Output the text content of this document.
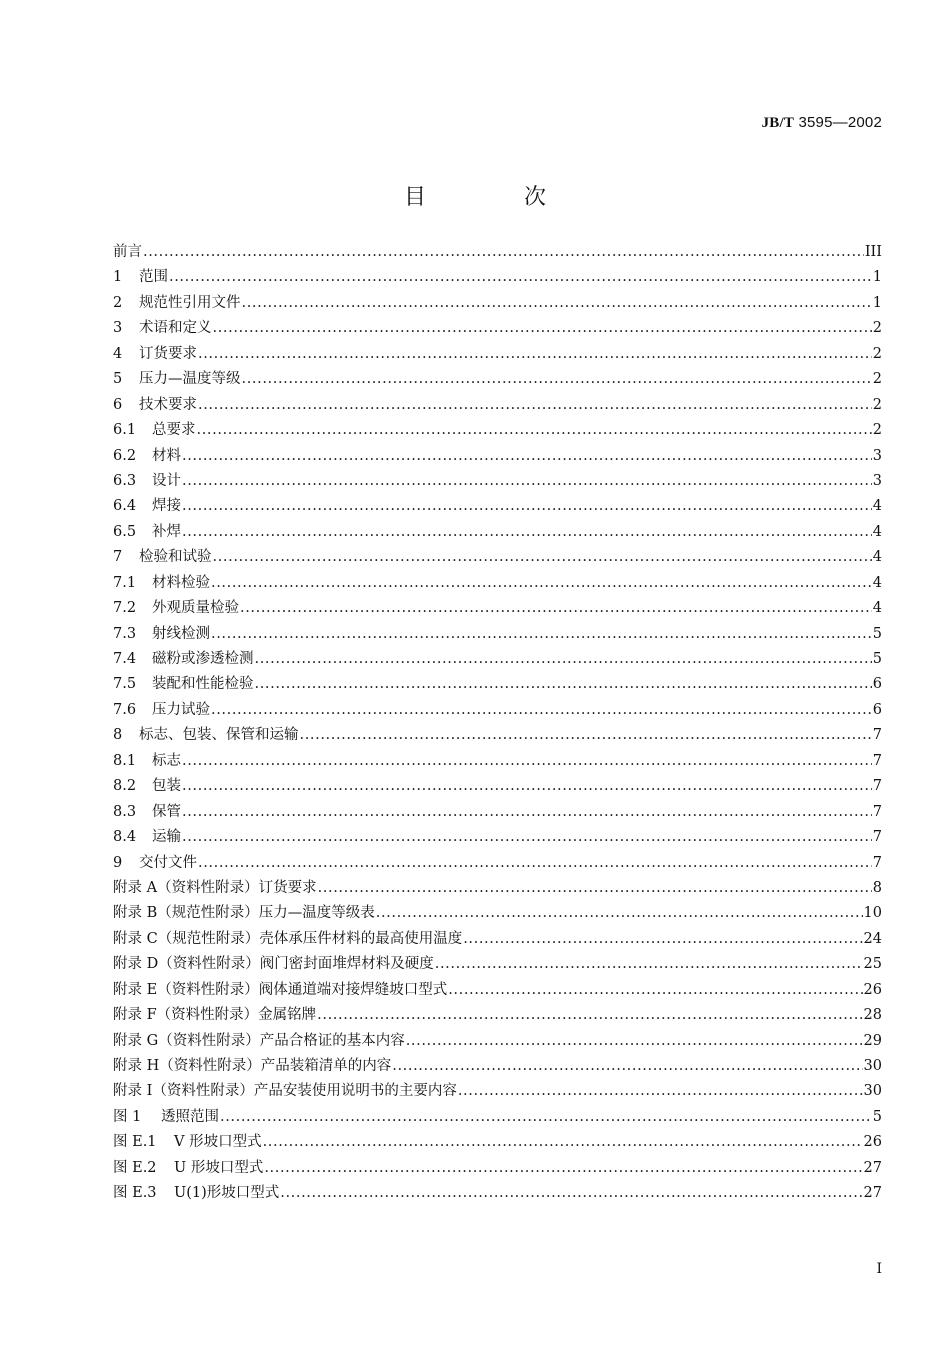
JB/T 3595—2002
目　次
前言 .....	III
1	范围 .....	1
2	规范性引用文件 .....	1
3	术语和定义 .....	2
4	订货要求 .....	2
5	压力—温度等级 .....	2
6	技术要求 .....	2
6.1	总要求 .....	2
6.2	材料 .....	3
6.3	设计 .....	3
6.4	焊接 .....	4
6.5	补焊 .....	4
7	检验和试验 .....	4
7.1	材料检验 .....	4
7.2	外观质量检验 .....	4
7.3	射线检测 .....	5
7.4	磁粉或渗透检测 .....	5
7.5	装配和性能检验 .....	6
7.6	压力试验 .....	6
8	标志、包装、保管和运输 .....	7
8.1	标志 .....	7
8.2	包装 .....	7
8.3	保管 .....	7
8.4	运输 .....	7
9	交付文件 .....	7
附录 A（资料性附录）订货要求 .....	8
附录 B（规范性附录）压力—温度等级表 .....	10
附录 C（规范性附录）壳体承压件材料的最高使用温度 .....	24
附录 D（资料性附录）阀门密封面堆焊材料及硬度 .....	25
附录 E（资料性附录）阀体通道端对接焊缝坡口型式 .....	26
附录 F（资料性附录）金属铭牌 .....	28
附录 G（资料性附录）产品合格证的基本内容 .....	29
附录 H（资料性附录）产品装箱清单的内容 .....	30
附录 I（资料性附录）产品安装使用说明书的主要内容 .....	30
图 1	透照范围 .....	5
图 E.1	V 形坡口型式 .....	26
图 E.2	U 形坡口型式 .....	27
图 E.3	U(1)形坡口型式 .....	27
I
